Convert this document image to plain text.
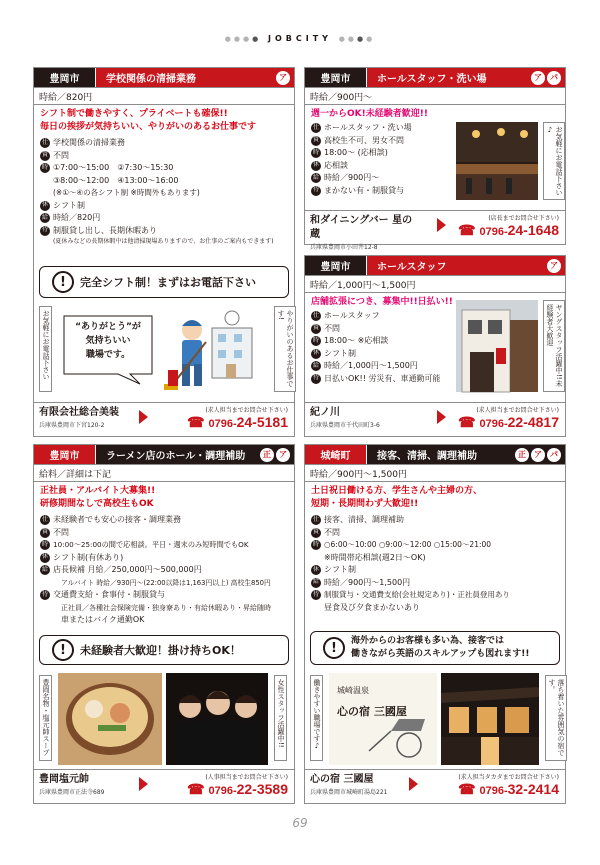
●●●● JOBCITY ●●●●
豊岡市	学校関係の清掃業務	ア
時給／820円
シフト制で働きやすく、プライベートも確保!!
毎日の挨拶が気持ちいい、やりがいのあるお仕事です
仕 学校関係の清掃業務
資 不問
時 ①7:00～15:00　②7:30～15:30
③8:00～12:00　④13:00～16:00
(※①～④の各シフト制 ※時間外もあります)
休 シフト制
給 時給／820円
待 制服貸し出し、長期休暇あり
(夏休みなどの長期休暇中は他清掃現場ありますので、お仕事のご案内もできます)
!	完全シフト制！まずはお電話下さい
お気軽にお電話下さい	“ありがとう”が
気持ちいい
職場です。	やりがいのあるお仕事です!
有限会社総合美装
兵庫県豊岡市下宮120-2
(求人担当までお問合せ下さい)
☎ 0796-24-5181
豊岡市	ホールスタッフ・洗い場	ア	パ
時給／900円～
週一からOK!未経験者歓迎!!
仕 ホールスタッフ・洗い場
資 高校生不可、男女不問
時 18:00～ (応相談)
休 応相談
給 時給／900円～
待 まかない有・制服貸与	お気軽にお電話下さい♪
和ダイニングバー 星の蔵
兵庫県豊岡市小田井12-8
(店長までお問合せ下さい)
☎ 0796-24-1648
豊岡市	ホールスタッフ	ア
時給／1,000円～1,500円
店舗拡張につき、募集中!!日払い!!
仕 ホールスタッフ
資 不問
時 18:00～ ※応相談
休 シフト制
給 時給／1,000円～1,500円
待 日払いOK!! 労災有、車通勤可能	ヤングスタッフ活躍中!!未経験者大歓迎
紀ノ川
兵庫県豊岡市千代田町3-6
(求人担当までお問合せ下さい)
☎ 0796-22-4817
豊岡市	ラーメン店のホール・調理補助	正	ア
給料／詳細は下記
正社員・アルバイト大募集!!
研修期間なしで高校生もOK
仕 未経験者でも安心の接客・調理業務
資 不問
時 10:00～25:00の間で応相談。平日・週末のみ短時間でもOK
休 シフト制(有休あり)
給 店長候補 月給／250,000円～500,000円
アルバイト 時給／930円～(22:00以降は1,163円以上) 高校生850円
待 交通費支給・食事付・制服貸与
正社員／各種社会保険完備・独身寮あり・有給休暇あり・昇給随時
車またはバイク通勤OK
!	未経験者大歓迎！掛け持ちOK！
豊岡名物・塩元帥スープ	女性スタッフ活躍中!!
豊岡塩元帥
兵庫県豊岡市正法寺689
(人事担当までお問合せ下さい)
☎ 0796-22-3589
城崎町	接客、清掃、調理補助	正	ア	パ
時給／900円～1,500円
土日祝日働ける方、学生さんや主婦の方、
短期・長期問わず大歓迎!!
仕 接客、清掃、調理補助
資 不問
時 ○6:00～10:00 ○9:00～12:00 ○15:00～21:00
※時間帯応相談(週2日～OK)
休 シフト制
給 時給／900円～1,500円
待 制服貸与・交通費支給(会社規定あり)・正社員登用あり
昼食及び夕食まかないあり
!	海外からのお客様も多い為、接客では
働きながら英語のスキルアップも図れます!!
働きやすい職場です♪ 城崎温泉
心の宿 三國屋	落ち着いた雰囲気の宿です。
心の宿 三國屋
兵庫県豊岡市城崎町湯島221
(求人担当タカタまでお問合せ下さい)
☎ 0796-32-2414
69
